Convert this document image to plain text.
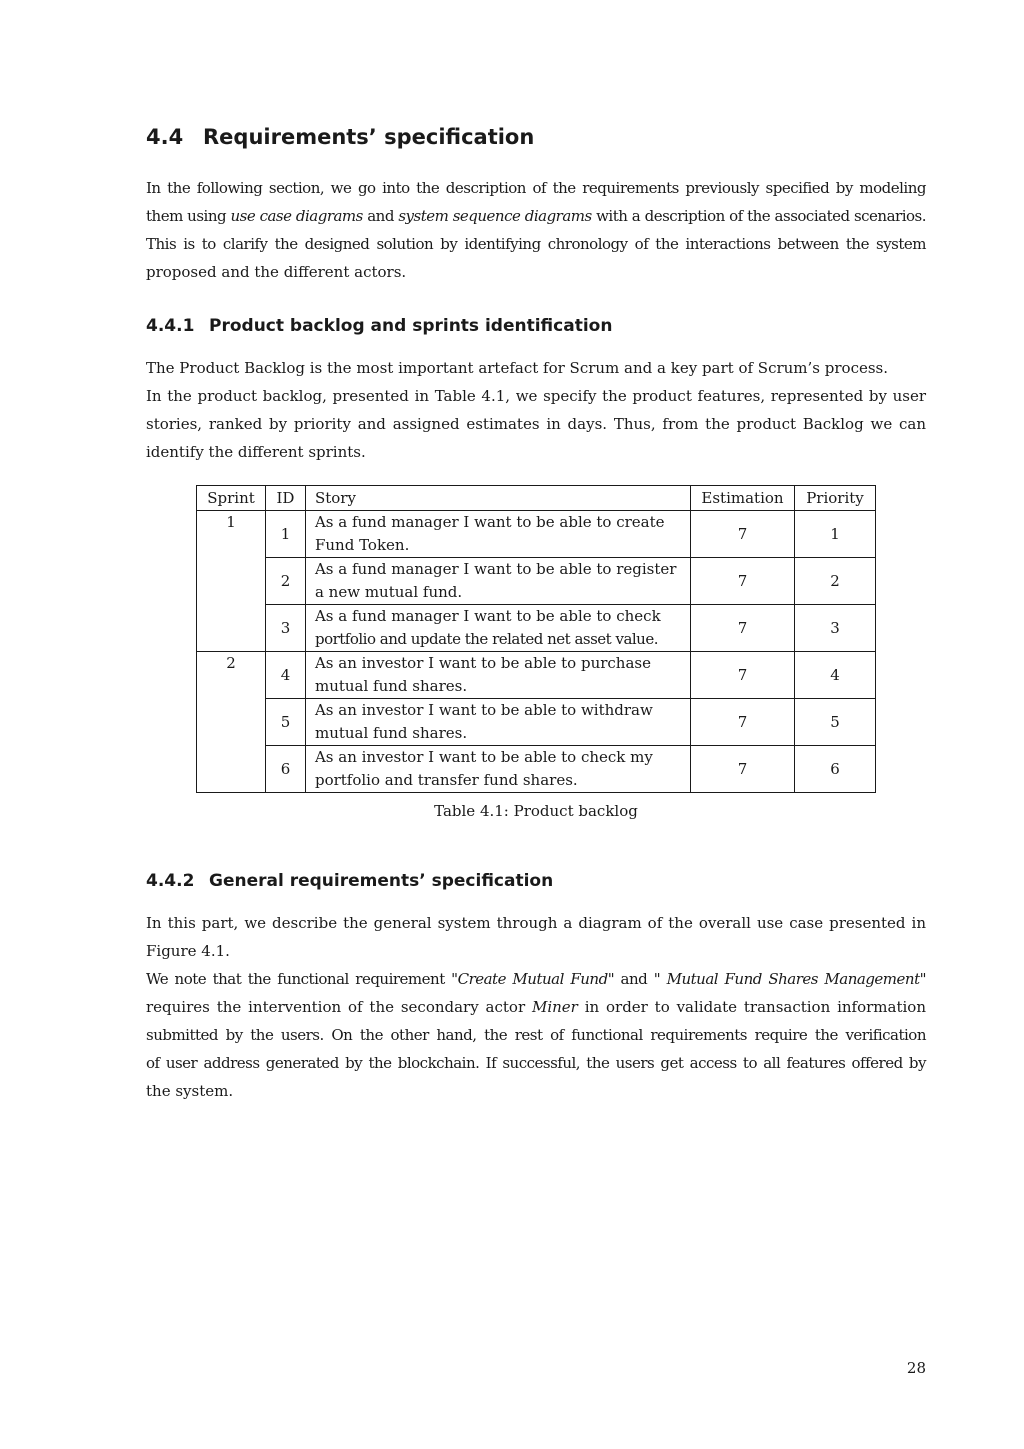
4.4 Requirements’ specification

In the following section, we go into the description of the requirements previously specified by modeling
them using use case diagrams and system sequence diagrams with a description of the associated scenarios.
This is to clarify the designed solution by identifying chronology of the interactions between the system
proposed and the different actors.

4.4.1 Product backlog and sprints identification

The Product Backlog is the most important artefact for Scrum and a key part of Scrum’s process.
In the product backlog, presented in Table 4.1, we specify the product features, represented by user
stories, ranked by priority and assigned estimates in days. Thus, from the product Backlog we can
identify the different sprints.

Sprint	ID	Story	Estimation	Priority
1	1	As a fund manager I want to be able to create
Fund Token.	7	1
	2	As a fund manager I want to be able to register
a new mutual fund.	7	2
	3	As a fund manager I want to be able to check
portfolio and update the related net asset value.	7	3
2	4	As an investor I want to be able to purchase
mutual fund shares.	7	4
	5	As an investor I want to be able to withdraw
mutual fund shares.	7	5
	6	As an investor I want to be able to check my
portfolio and transfer fund shares.	7	6
Table 4.1: Product backlog
4.4.2 General requirements’ specification

In this part, we describe the general system through a diagram of the overall use case presented in
Figure 4.1.
We note that the functional requirement "Create Mutual Fund" and " Mutual Fund Shares Management"
requires the intervention of the secondary actor Miner in order to validate transaction information
submitted by the users. On the other hand, the rest of functional requirements require the verification
of user address generated by the blockchain. If successful, the users get access to all features offered by
the system.

28
